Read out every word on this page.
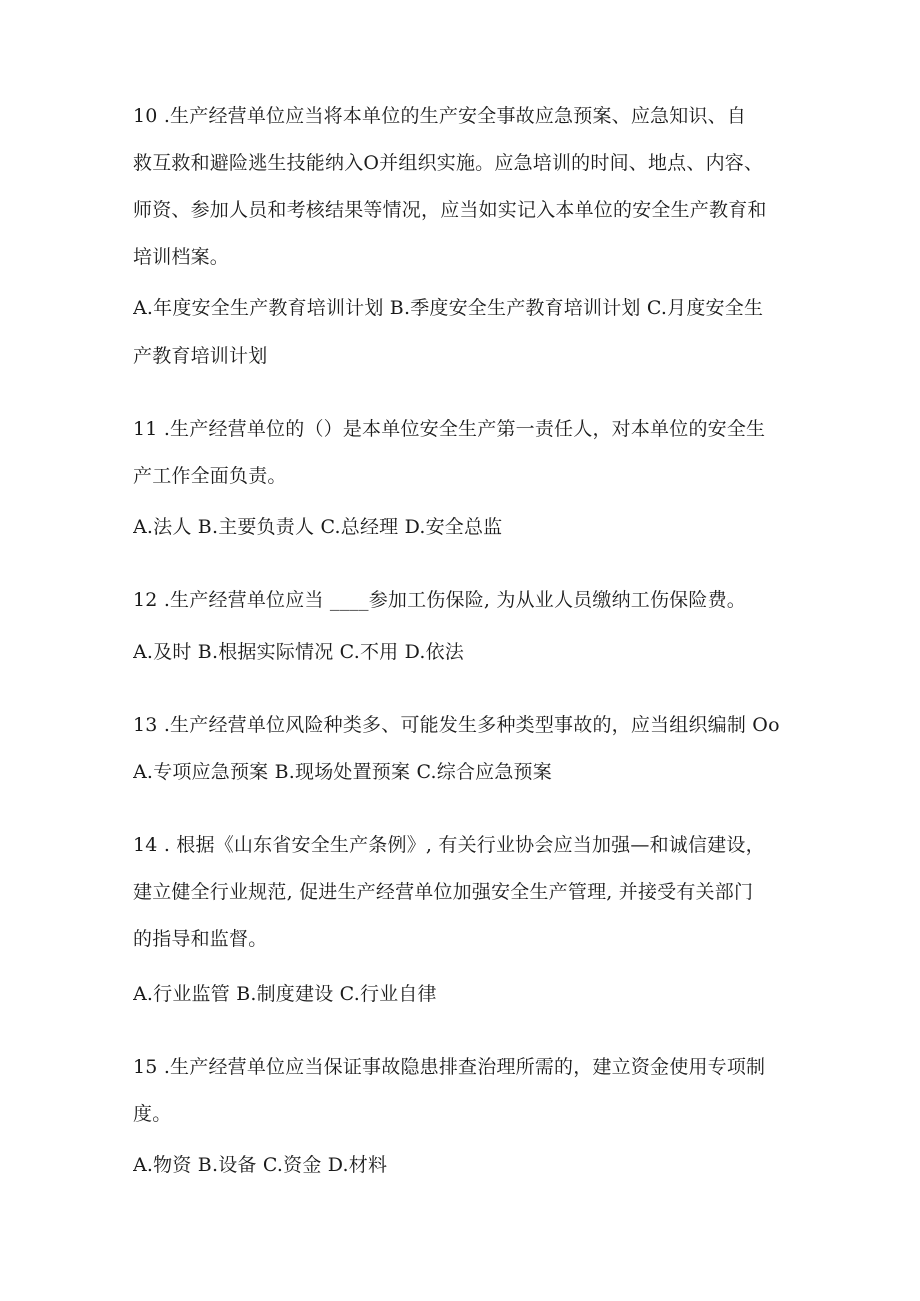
10 .生产经营单位应当将本单位的生产安全事故应急预案、应急知识、自
救互救和避险逃生技能纳入O并组织实施。应急培训的时间、地点、内容、
师资、参加人员和考核结果等情况，应当如实记入本单位的安全生产教育和
培训档案。
A.年度安全生产教育培训计划 B.季度安全生产教育培训计划 C.月度安全生
产教育培训计划
11 .生产经营单位的（）是本单位安全生产第一责任人，对本单位的安全生
产工作全面负责。
A.法人 B.主要负责人 C.总经理 D.安全总监
12 .生产经营单位应当 ____参加工伤保险, 为从业人员缴纳工伤保险费。
A.及时 B.根据实际情况 C.不用 D.依法
13 .生产经营单位风险种类多、可能发生多种类型事故的，应当组织编制 Oo
A.专项应急预案 B.现场处置预案 C.综合应急预案
14 . 根据《山东省安全生产条例》, 有关行业协会应当加强—和诚信建设，
建立健全行业规范, 促进生产经营单位加强安全生产管理, 并接受有关部门
的指导和监督。
A.行业监管 B.制度建设 C.行业自律
15 .生产经营单位应当保证事故隐患排查治理所需的，建立资金使用专项制
度。
A.物资 B.设备 C.资金 D.材料
